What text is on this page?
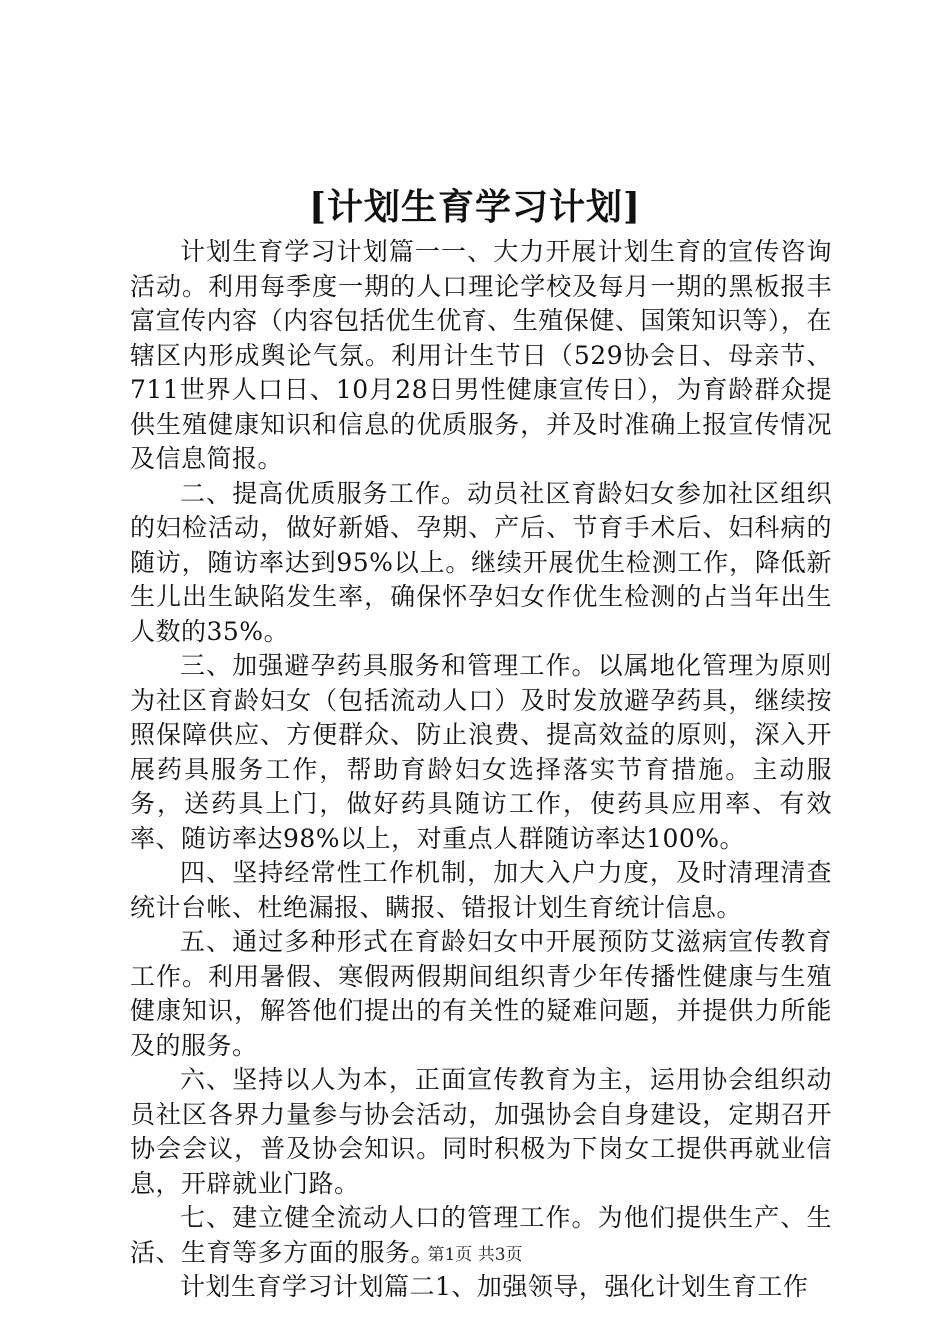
[计划生育学习计划]

计划生育学习计划篇一一、大力开展计划生育的宣传咨询活动。利用每季度一期的人口理论学校及每月一期的黑板报丰富宣传内容（内容包括优生优育、生殖保健、国策知识等），在辖区内形成舆论气氛。利用计生节日（529协会日、母亲节、711世界人口日、10月28日男性健康宣传日），为育龄群众提供生殖健康知识和信息的优质服务，并及时准确上报宣传情况及信息简报。

二、提高优质服务工作。动员社区育龄妇女参加社区组织的妇检活动，做好新婚、孕期、产后、节育手术后、妇科病的随访，随访率达到95%以上。继续开展优生检测工作，降低新生儿出生缺陷发生率，确保怀孕妇女作优生检测的占当年出生人数的35%。

三、加强避孕药具服务和管理工作。以属地化管理为原则为社区育龄妇女（包括流动人口）及时发放避孕药具，继续按照保障供应、方便群众、防止浪费、提高效益的原则，深入开展药具服务工作，帮助育龄妇女选择落实节育措施。主动服务，送药具上门，做好药具随访工作，使药具应用率、有效率、随访率达98%以上，对重点人群随访率达100%。

四、坚持经常性工作机制，加大入户力度，及时清理清查统计台帐、杜绝漏报、瞒报、错报计划生育统计信息。

五、通过多种形式在育龄妇女中开展预防艾滋病宣传教育工作。利用暑假、寒假两假期间组织青少年传播性健康与生殖健康知识，解答他们提出的有关性的疑难问题，并提供力所能及的服务。

六、坚持以人为本，正面宣传教育为主，运用协会组织动员社区各界力量参与协会活动，加强协会自身建设，定期召开协会会议，普及协会知识。同时积极为下岗女工提供再就业信息，开辟就业门路。

七、建立健全流动人口的管理工作。为他们提供生产、生活、生育等多方面的服务。

计划生育学习计划篇二1、加强领导，强化计划生育工作

第1页 共3页
